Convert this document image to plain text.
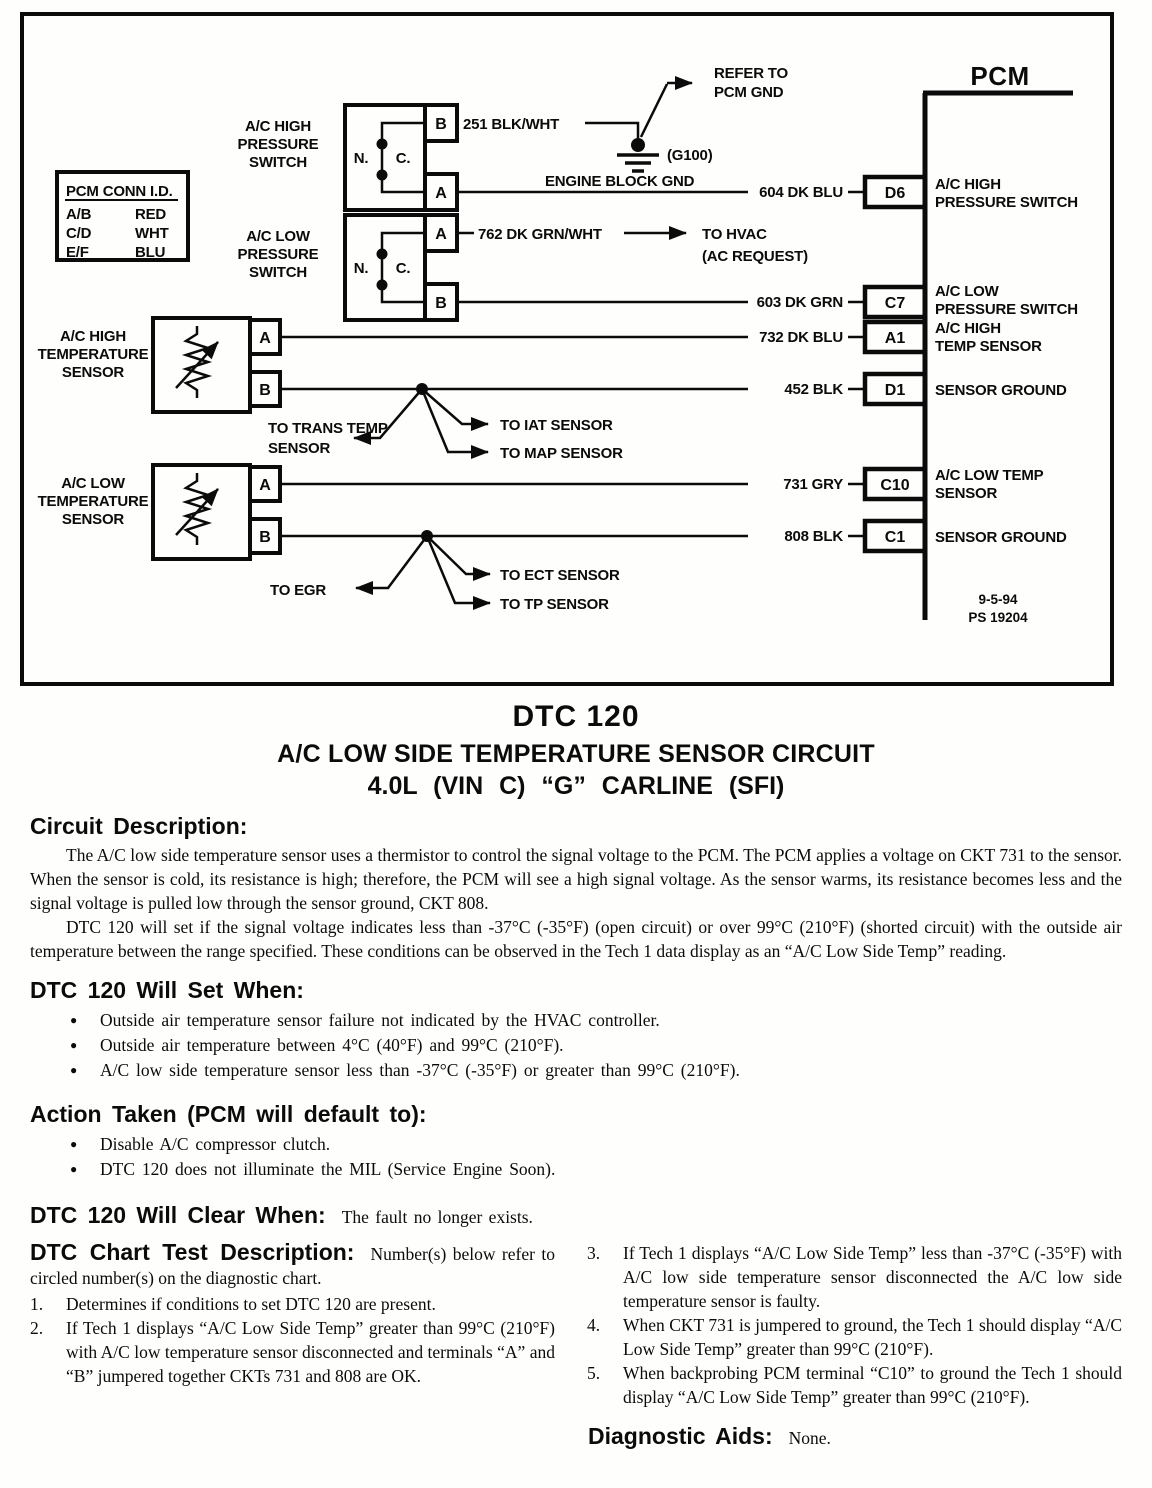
PCM CONN I.D.
A/B	RED
C/D	WHT
E/F	BLU
A/C HIGH
PRESSURE
SWITCH
B
A
N. C.
A/C LOW
PRESSURE
SWITCH
A
B
N. C.
A/C HIGH
TEMPERATURE
SENSOR
A
B
A/C LOW
TEMPERATURE
SENSOR
A
B
251 BLK/WHT
(G100)
REFER TO
PCM GND
ENGINE BLOCK GND
604 DK BLU
762 DK GRN/WHT	TO HVAC
(AC REQUEST)
603 DK GRN
732 DK BLU
452 BLK
TO TRANS TEMP
SENSOR
TO IAT SENSOR
TO MAP SENSOR
731 GRY
808 BLK
TO EGR
TO ECT SENSOR
TO TP SENSOR
PCM
D6
A/C HIGH
PRESSURE SWITCH
C7
A/C LOW
PRESSURE SWITCH
A1
A/C HIGH
TEMP SENSOR
D1 SENSOR GROUND
C10
A/C LOW TEMP
SENSOR
C1 SENSOR GROUND
9-5-94
PS 19204
DTC 120
A/C LOW SIDE TEMPERATURE SENSOR CIRCUIT
4.0L (VIN C) “G” CARLINE (SFI)
Circuit Description:

The A/C low side temperature sensor uses a thermistor to control the signal voltage to the PCM. The PCM applies a voltage on CKT 731 to the sensor. When the sensor is cold, its resistance is high; therefore, the PCM will see a high signal voltage. As the sensor warms, its resistance becomes less and the signal voltage is pulled low through the sensor ground, CKT 808.

DTC 120 will set if the signal voltage indicates less than -37°C (-35°F) (open circuit) or over 99°C (210°F) (shorted circuit) with the outside air temperature between the range specified. These conditions can be observed in the Tech 1 data display as an “A/C Low Side Temp” reading.

DTC 120 Will Set When:
● Outside air temperature sensor failure not indicated by the HVAC controller.
● Outside air temperature between 4°C (40°F) and 99°C (210°F).
● A/C low side temperature sensor less than -37°C (-35°F) or greater than 99°C (210°F).
Action Taken (PCM will default to):
● Disable A/C compressor clutch.
● DTC 120 does not illuminate the MIL (Service Engine Soon).
DTC 120 Will Clear When: The fault no longer exists.

DTC Chart Test Description: Number(s) below refer to circled number(s) on the diagnostic chart.

1.	Determines if conditions to set DTC 120 are present.
2.	If Tech 1 displays “A/C Low Side Temp” greater than 99°C (210°F) with A/C low temperature sensor disconnected and terminals “A” and “B” jumpered together CKTs 731 and 808 are OK.
3.	If Tech 1 displays “A/C Low Side Temp” less than -37°C (-35°F) with A/C low side temperature sensor disconnected the A/C low side temperature sensor is faulty.
4.	When CKT 731 is jumpered to ground, the Tech 1 should display “A/C Low Side Temp” greater than 99°C (210°F).
5.	When backprobing PCM terminal “C10” to ground the Tech 1 should display “A/C Low Side Temp” greater than 99°C (210°F).
Diagnostic Aids: None.
